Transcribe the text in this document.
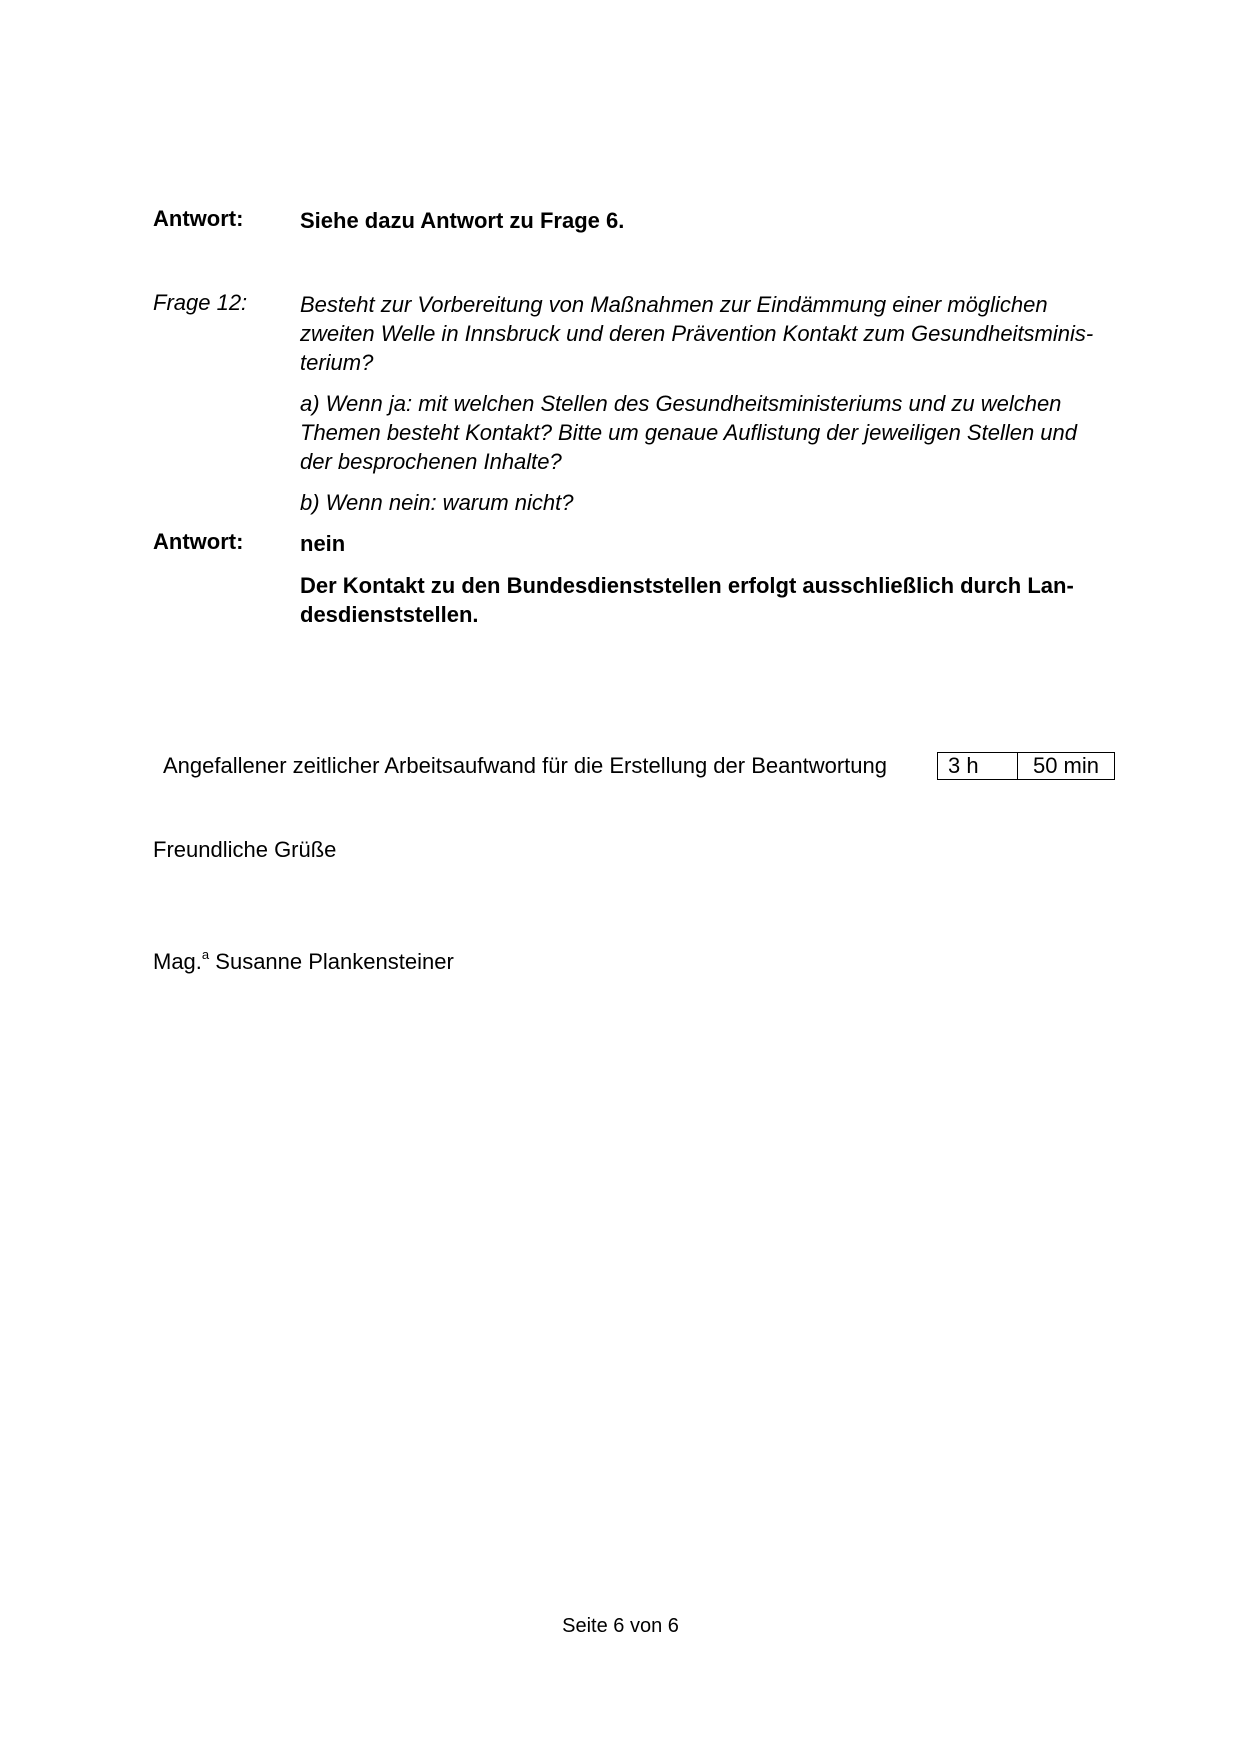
Antwort:	Siehe dazu Antwort zu Frage 6.
Frage 12:	Besteht zur Vorbereitung von Maßnahmen zur Eindämmung einer möglichen
zweiten Welle in Innsbruck und deren Prävention Kontakt zum Gesundheitsminis-
terium?
a) Wenn ja: mit welchen Stellen des Gesundheitsministeriums und zu welchen
Themen besteht Kontakt? Bitte um genaue Auflistung der jeweiligen Stellen und
der besprochenen Inhalte?
b) Wenn nein: warum nicht?
Antwort:	nein
Der Kontakt zu den Bundesdienststellen erfolgt ausschließlich durch Lan-
desdienststellen.
Angefallener zeitlicher Arbeitsaufwand für die Erstellung der Beantwortung	3 h	50 min
Freundliche Grüße
Mag.$^a$ Susanne Plankensteiner
Seite 6 von 6
